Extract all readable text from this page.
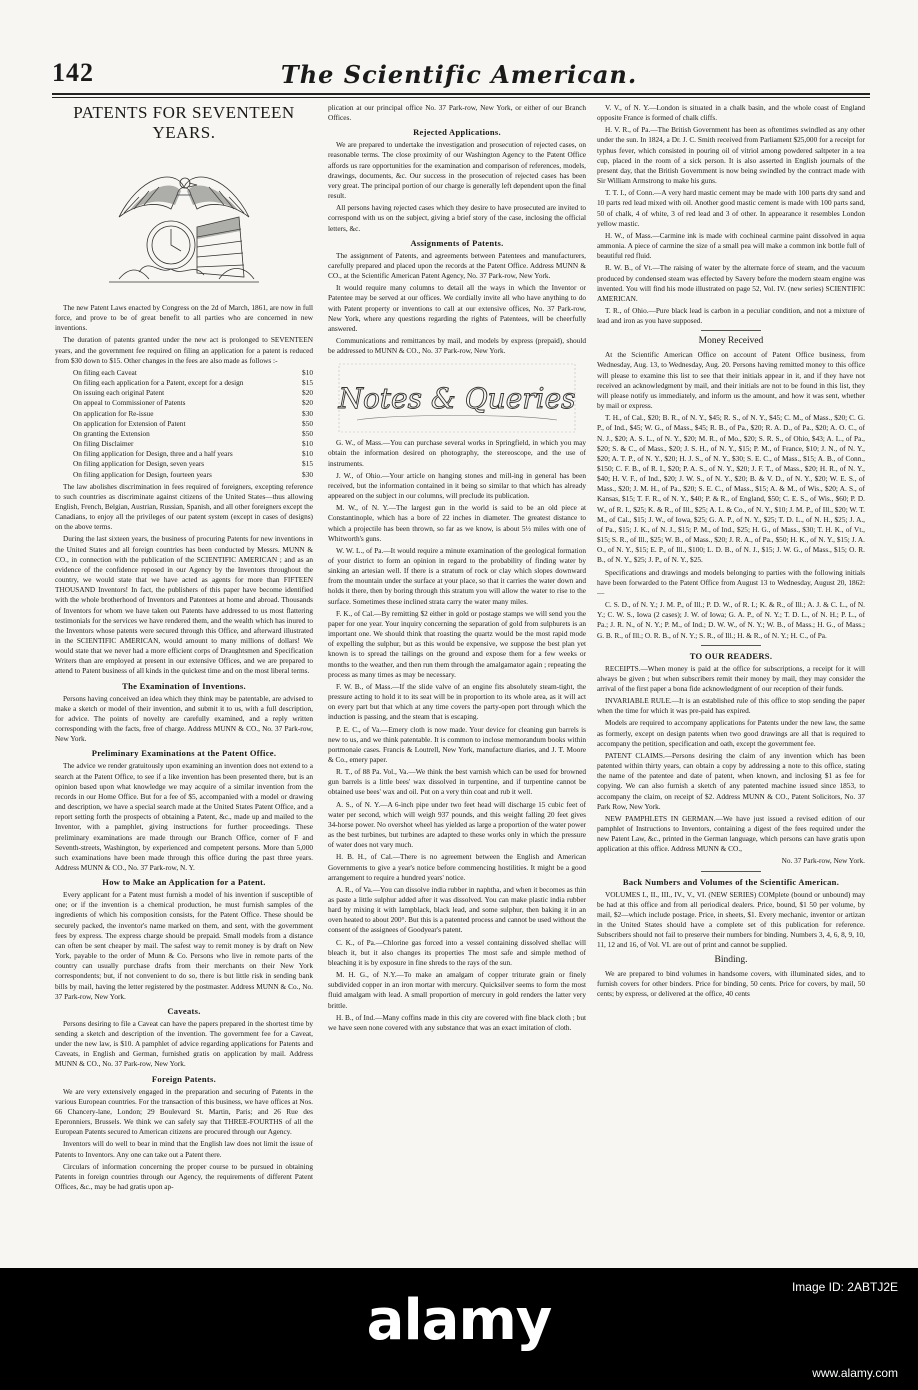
142	The Scientific American.
PATENTS FOR SEVENTEEN YEARS.

The new Patent Laws enacted by Congress on the 2d of March, 1861, are now in full force, and prove to be of great benefit to all parties who are concerned in new inventions.

The duration of patents granted under the new act is prolonged to SEVENTEEN years, and the government fee required on filing an application for a patent is reduced from $30 down to $15. Other changes in the fees are also made as follows :-

On filing each Caveat	$10
On filing each application for a Patent, except for a design	$15
On issuing each original Patent	$20
On appeal to Commissioner of Patents	$20
On application for Re-issue	$30
On application for Extension of Patent	$50
On granting the Extension	$50
On filing Disclaimer	$10
On filing application for Design, three and a half years	$10
On filing application for Design, seven years	$15
On filing application for Design, fourteen years	$30

The law abolishes discrimination in fees required of foreigners, excepting reference to such countries as discriminate against citizens of the United States—thus allowing English, French, Belgian, Austrian, Russian, Spanish, and all other foreigners except the Canadians, to enjoy all the privileges of our patent system (except in cases of designs) on the above terms.

During the last sixteen years, the business of procuring Patents for new inventions in the United States and all foreign countries has been conducted by Messrs. MUNN & CO., in connection with the publication of the SCIENTIFIC AMERICAN ; and as an evidence of the confidence reposed in our Agency by the Inventors throughout the country, we would state that we have acted as agents for more than FIFTEEN THOUSAND Inventors! In fact, the publishers of this paper have become identified with the whole brotherhood of Inventors and Patentees at home and abroad. Thousands of Inventors for whom we have taken out Patents have addressed to us most flattering testimonials for the services we have rendered them, and the wealth which has inured to the Inventors whose patents were secured through this Office, and afterward illustrated in the SCIENTIFIC AMERICAN, would amount to many millions of dollars! We would state that we never had a more efficient corps of Draughtsmen and Specification Writers than are employed at present in our extensive Offices, and we are prepared to attend to Patent business of all kinds in the quickest time and on the most liberal terms.

The Examination of Inventions.

Persons having conceived an idea which they think may be patentable, are advised to make a sketch or model of their invention, and submit it to us, with a full description, for advice. The points of novelty are carefully examined, and a reply written corresponding with the facts, free of charge. Address MUNN & CO., No. 37 Park-row, New York.

Preliminary Examinations at the Patent Office.

The advice we render gratuitously upon examining an invention does not extend to a search at the Patent Office, to see if a like invention has been presented there, but is an opinion based upon what knowledge we may acquire of a similar invention from the records in our Home Office. But for a fee of $5, accompanied with a model or drawing and description, we have a special search made at the United States Patent Office, and a report setting forth the prospects of obtaining a Patent, &c., made up and mailed to the Inventor, with a pamphlet, giving instructions for further proceedings. These preliminary examinations are made through our Branch Office, corner of F and Seventh-streets, Washington, by experienced and competent persons. More than 5,000 such examinations have been made through this office during the past three years. Address MUNN & CO., No. 37 Park-row, N. Y.

How to Make an Application for a Patent.

Every applicant for a Patent must furnish a model of his invention if susceptible of one; or if the invention is a chemical production, he must furnish samples of the ingredients of which his composition consists, for the Patent Office. These should be securely packed, the inventor's name marked on them, and sent, with the government fees by express. The express charge should be prepaid. Small models from a distance can often be sent cheaper by mail. The safest way to remit money is by draft on New York, payable to the order of Munn & Co. Persons who live in remote parts of the country can usually purchase drafts from their merchants on their New York correspondents; but, if not convenient to do so, there is but little risk in sending bank bills by mail, having the letter registered by the postmaster. Address MUNN & Co., No. 37 Park-row, New York.

Caveats.

Persons desiring to file a Caveat can have the papers prepared in the shortest time by sending a sketch and description of the invention. The government fee for a Caveat, under the new law, is $10. A pamphlet of advice regarding applications for Patents and Caveats, in English and German, furnished gratis on application by mail. Address MUNN & CO., No. 37 Park-row, New York.

Foreign Patents.

We are very extensively engaged in the preparation and securing of Patents in the various European countries. For the transaction of this business, we have offices at Nos. 66 Chancery-lane, London; 29 Boulevard St. Martin, Paris; and 26 Rue des Eperonniers, Brussels. We think we can safely say that THREE-FOURTHS of all the European Patents secured to American citizens are procured through our Agency.

Inventors will do well to bear in mind that the English law does not limit the issue of Patents to Inventors. Any one can take out a Patent there.

Circulars of information concerning the proper course to be pursued in obtaining Patents in foreign countries through our Agency, the requirements of different Patent Offices, &c., may be had gratis upon ap-

plication at our principal office No. 37 Park-row, New York, or either of our Branch Offices.

Rejected Applications.

We are prepared to undertake the investigation and prosecution of rejected cases, on reasonable terms. The close proximity of our Washington Agency to the Patent Office affords us rare opportunities for the examination and comparison of references, models, drawings, documents, &c. Our success in the prosecution of rejected cases has been very great. The principal portion of our charge is generally left dependent upon the final result.

All persons having rejected cases which they desire to have prosecuted are invited to correspond with us on the subject, giving a brief story of the case, inclosing the official letters, &c.

Assignments of Patents.

The assignment of Patents, and agreements between Patentees and manufacturers, carefully prepared and placed upon the records at the Patent Office. Address MUNN & CO., at the Scientific American Patent Agency, No. 37 Park-row, New York.

It would require many columns to detail all the ways in which the Inventor or Patentee may be served at our offices. We cordially invite all who have anything to do with Patent property or inventions to call at our extensive offices, No. 37 Park-row, New York, where any questions regarding the rights of Patentees, will be cheerfully answered.

Communications and remittances by mail, and models by express (prepaid), should be addressed to MUNN & CO., No. 37 Park-row, New York.

Notes & Queries

G. W., of Mass.—You can purchase several works in Springfield, in which you may obtain the information desired on photography, the stereoscope, and the use of instruments.

J. W., of Ohio.—Your article on hanging stones and mill-ing in general has been received, but the information contained in it being so similar to that which has already appeared on the subject in our columns, will preclude its publication.

M. W., of N. Y.—The largest gun in the world is said to be an old piece at Constantinople, which has a bore of 22 inches in diameter. The greatest distance to which a projectile has been thrown, so far as we know, is about 5½ miles with one of Whitworth's guns.

W. W. L., of Pa.—It would require a minute examination of the geological formation of your district to form an opinion in regard to the probability of finding water by sinking an artesian well. If there is a stratum of rock or clay which slopes downward from the mountain under the surface at your place, so that it carries the water down and holds it there, then by boring through this stratum you will allow the water to rise to the surface. Sometimes these inclined strata carry the water many miles.

F. K., of Cal.—By remitting $2 either in gold or postage stamps we will send you the paper for one year. Your inquiry concerning the separation of gold from sulphurets is an important one. We should think that roasting the quartz would be the most rapid mode of expelling the sulphur, but as this would be expensive, we suppose the best plan yet known is to spread the tailings on the ground and expose them for a few weeks or months to the weather, and then run them through the amalgamator again ; repeating the process as many times as may be necessary.

F. W. B., of Mass.—If the slide valve of an engine fits absolutely steam-tight, the pressure acting to hold it to its seat will be in proportion to its whole area, as it will act on every part but that which at any time covers the party-open port through which the induction is passing, and the steam that is escaping.

P. E. C., of Va.—Emery cloth is now made. Your device for cleaning gun barrels is new to us, and we think patentable. It is common to inclose memorandum books within portmonaie cases. Francis & Loutrell, New York, manufacture diaries, and J. T. Moore & Co., emery paper.

R. T., of 88 Pa. Vol., Va.—We think the best varnish which can be used for browned gun barrels is a little bees' wax dissolved in turpentine, and if turpentine cannot be obtained use bees' wax and oil. Put on a very thin coat and rub it well.

A. S., of N. Y.—A 6-inch pipe under two feet head will discharge 15 cubic feet of water per second, which will weigh 937 pounds, and this weight falling 20 feet gives 34-horse power. No overshot wheel has yielded as large a proportion of the water power as the best turbines, but turbines are adapted to these works only in which the pressure of water does not vary much.

H. B. H., of Cal.—There is no agreement between the English and American Governments to give a year's notice before commencing hostilities. It might be a good arrangement to require a hundred years' notice.

A. R., of Va.—You can dissolve india rubber in naphtha, and when it becomes as thin as paste a little sulphur added after it was dissolved. You can make plastic india rubber hard by mixing it with lampblack, black lead, and some sulphur, then baking it in an oven heated to about 200°. But this is a patented process and cannot be used without the consent of the assignees of Goodyear's patent.

C. K., of Pa.—Chlorine gas forced into a vessel containing dissolved shellac will bleach it, but it also changes its properties The most safe and simple method of bleaching it is by exposure in fine shreds to the rays of the sun.

M. H. G., of N.Y.—To make an amalgam of copper triturate grain or finely subdivided copper in an iron mortar with mercury. Quicksilver seems to form the most fluid amalgam with lead. A small proportion of mercury in gold renders the latter very brittle.

H. B., of Ind.—Many coffins made in this city are covered with fine black cloth ; but we have seen none covered with any substance that was an exact imitation of cloth.

V. V., of N. Y.—London is situated in a chalk basin, and the whole coast of England opposite France is formed of chalk cliffs.

H. V. R., of Pa.—The British Government has been as oftentimes swindled as any other under the sun. In 1824, a Dr. J. C. Smith received from Parliament $25,000 for a receipt for typhus fever, which consisted in pouring oil of vitriol among powdered saltpeter in a tea cup, placed in the room of a sick person. It is also asserted in English journals of the present day, that the British Government is now being swindled by the contract made with Sir William Armstrong to make his guns.

T. T. I., of Conn.—A very hard mastic cement may be made with 100 parts dry sand and 10 parts red lead mixed with oil. Another good mastic cement is made with 100 parts sand, 50 of chalk, 4 of white, 3 of red lead and 3 of other. In appearance it resembles London yellow mastic.

H. W., of Mass.—Carmine ink is made with cochineal carmine paint dissolved in aqua ammonia. A piece of carmine the size of a small pea will make a common ink bottle full of beautiful red fluid.

R. W. B., of Vt.—The raising of water by the alternate force of steam, and the vacuum produced by condensed steam was effected by Savery before the modern steam engine was invented. You will find his mode illustrated on page 52, Vol. IV. (new series) SCIENTIFIC AMERICAN.

T. R., of Ohio.—Pure black lead is carbon in a peculiar condition, and not a mixture of lead and iron as you have supposed.

Money Received

At the Scientific American Office on account of Patent Office business, from Wednesday, Aug. 13, to Wednesday, Aug. 20. Persons having remitted money to this office will please to examine this list to see that their initials appear in it, and if they have not received an acknowledgment by mail, and their initials are not to be found in this list, they will please notify us immediately, and inform us the amount, and how it was sent, whether by mail or express.

T. H., of Cal., $20; B. R., of N. Y., $45; R. S., of N. Y., $45; C. M., of Mass., $20; C. G. P., of Ind., $45; W. G., of Mass., $45; R. B., of Pa., $20; R. A. D., of Pa., $20; A. O. C., of N. J., $20; A. S. L., of N. Y., $20; M. R., of Mo., $20; S. R. S., of Ohio, $43; A. L., of Pa., $20; S. & C., of Mass., $20; J. S. H., of N. Y., $15; P. M., of France, $10; J. N., of N. Y., $20; A. T. P., of N. Y., $20; H. J. S., of N. Y., $30; S. E. C., of Mass., $15; A. B., of Conn., $150; C. F. B., of R. I., $20; P. A. S., of N. Y., $20; J. F. T., of Mass., $20; H. R., of N. Y., $40; H. V. F., of Ind., $20; J. W. S., of N. Y., $20; B. & V. D., of N. Y., $20; W. E. S., of Mass., $20; J. M. H., of Pa., $20; S. E. C., of Mass., $15; A. & M., of Wis., $20; A. S., of Kansas, $15; T. F. R., of N. Y., $40; P. & R., of England, $50; C. E. S., of Wis., $60; P. D. W., of R. I., $25; K. & R., of Ill., $25; A. L. & Co., of N. Y., $10; J. M. P., of Ill., $20; W. T. M., of Cal., $15; J. W., of Iowa, $25; G. A. P., of N. Y., $25; T. D. L., of N. H., $25; J. A., of Pa., $15; J. K., of N. J., $15; P. M., of Ind., $25; H. G., of Mass., $30; T. H. K., of Vt., $15; S. R., of Ill., $25; W. B., of Mass., $20; J. R. A., of Pa., $50; H. K., of N. Y., $15; J. A. O., of N. Y., $15; E. P., of Ill., $100; L. D. B., of N. J., $15; J. W. G., of Mass., $15; O. R. B., of N. Y., $25; J. P., of N. Y., $25.

Specifications and drawings and models belonging to parties with the following initials have been forwarded to the Patent Office from August 13 to Wednesday, August 20, 1862:—

C. S. D., of N. Y.; J. M. P., of Ill.; P. D. W., of R. I.; K. & R., of Ill.; A. J. & C. L., of N. Y.; C. W. S., Iowa (2 cases); J. W. of Iowa; G. A. P., of N. Y.; T. D. L., of N. H.; P. L., of Pa.; J. R. N., of N. Y.; P. M., of Ind.; D. W. W., of N. Y.; W. B., of Mass.; H. G., of Mass.; G. B. R., of Ill.; O. R. B., of N. Y.; S. R., of Ill.; H. & R., of N. Y.; H. C., of Pa.

TO OUR READERS.

RECEIPTS.—When money is paid at the office for subscriptions, a receipt for it will always be given ; but when subscribers remit their money by mail, they may consider the arrival of the first paper a bona fide acknowledgment of our reception of their funds.

INVARIABLE RULE.—It is an established rule of this office to stop sending the paper when the time for which it was pre-paid has expired.

Models are required to accompany applications for Patents under the new law, the same as formerly, except on design patents when two good drawings are all that is required to accompany the petition, specification and oath, except the government fee.

PATENT CLAIMS.—Persons desiring the claim of any invention which has been patented within thirty years, can obtain a copy by addressing a note to this office, stating the name of the patentee and date of patent, when known, and inclosing $1 as fee for copying. We can also furnish a sketch of any patented machine issued since 1853, to accompany the claim, on receipt of $2. Address MUNN & CO., Patent Solicitors, No. 37 Park Row, New York.

NEW PAMPHLETS IN GERMAN.—We have just issued a revised edition of our pamphlet of Instructions to Inventors, containing a digest of the fees required under the new Patent Law, &c., printed in the German language, which persons can have gratis upon application at this office. Address MUNN & CO.,

No. 37 Park-row, New York.

Back Numbers and Volumes of the Scientific American.

VOLUMES I., II., III., IV., V., VI. (NEW SERIES) COMplete (bound or unbound) may be had at this office and from all periodical dealers. Price, bound, $1 50 per volume, by mail, $2—which include postage. Price, in sheets, $1. Every mechanic, inventor or artizan in the United States should have a complete set of this publication for reference. Subscribers should not fail to preserve their numbers for binding. Numbers 3, 4, 6, 8, 9, 10, 11, 12 and 16, of Vol. VI. are out of print and cannot be supplied.

Binding.

We are prepared to bind volumes in handsome covers, with illuminated sides, and to furnish covers for other binders. Price for binding, 50 cents. Price for covers, by mail, 50 cents; by express, or delivered at the office, 40 cents

alamy
Image ID: 2ABTJ2E
www.alamy.com
